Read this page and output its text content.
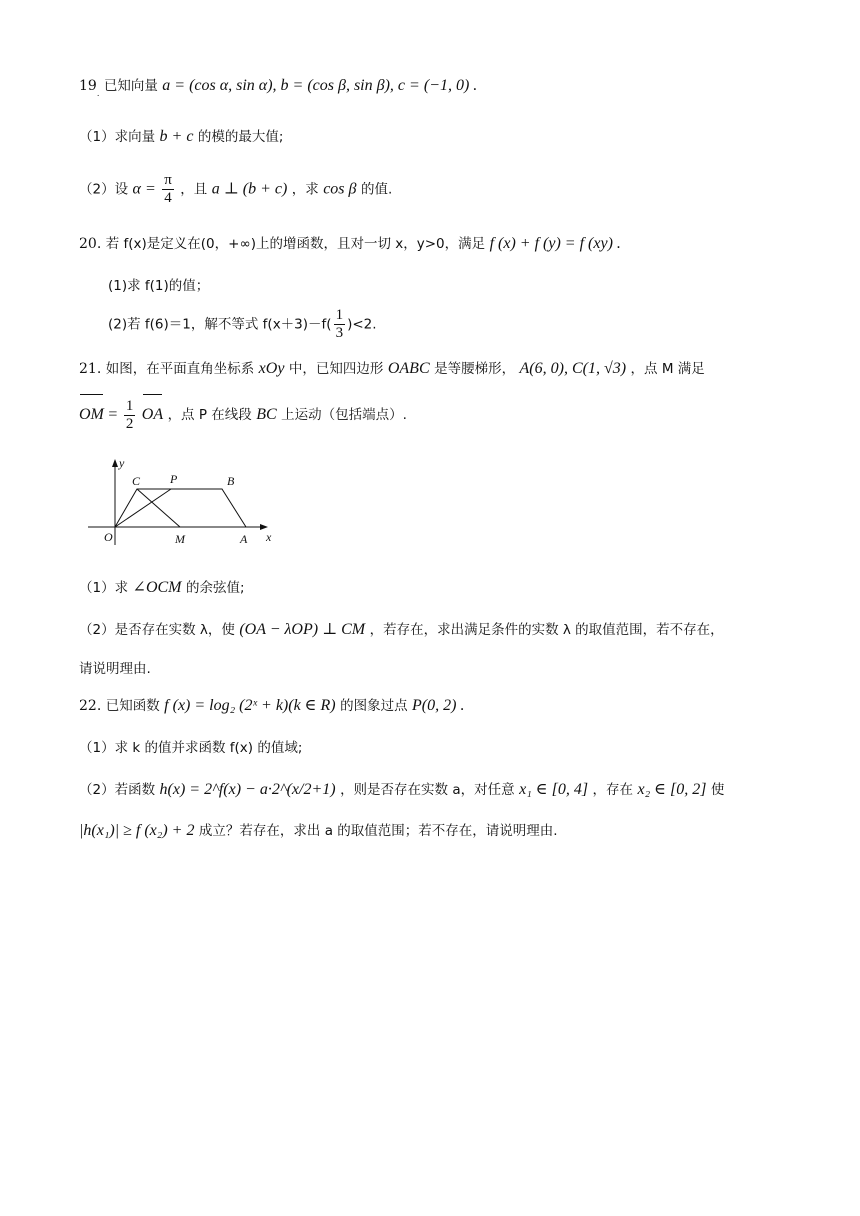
$19_.$ 已知向量 a = (cos α, sin α), b = (cos β, sin β), c = (−1, 0) .
（1）求向量 b + c 的模的最大值;
（2）设 $\alpha = \frac{\pi}{4}$ ，且 a ⊥ (b + c) ，求 cos β 的值.
20. 若 f(x)是定义在(0，+∞)上的增函数，且对一切 x，y>0，满足 f (x) + f (y) = f (xy) .
(1)求 f(1)的值；
(2)若 f(6)＝1，解不等式 $f(x+3)-f( \frac{1}{3} )<2$.
21. 如图，在平面直角坐标系 xOy 中，已知四边形 OABC 是等腰梯形， A(6, 0), C(1, √3) ，点 M 满足
OM = $\frac{1}{2}$ OA ，点 P 在线段 BC 上运动（包括端点）.
y
x
O
C P	B
M	A
（1）求 ∠OCM 的余弦值;
（2）是否存在实数 λ，使 (OA − λOP) ⊥ CM ，若存在，求出满足条件的实数 λ 的取值范围，若不存在，
请说明理由.
22. 已知函数 f (x) = log₂ (2ˣ + k)(k ∈ R) 的图象过点 P(0, 2) .
（1）求 k 的值并求函数 f(x) 的值域;
（2）若函数 h(x) = 2^f(x) − a·2^(x/2+1) ，则是否存在实数 a，对任意 x₁ ∈ [0, 4] ，存在 x₂ ∈ [0, 2] 使
|h(x₁)| ≥ f (x₂) + 2 成立？若存在，求出 a 的取值范围；若不存在，请说明理由.
